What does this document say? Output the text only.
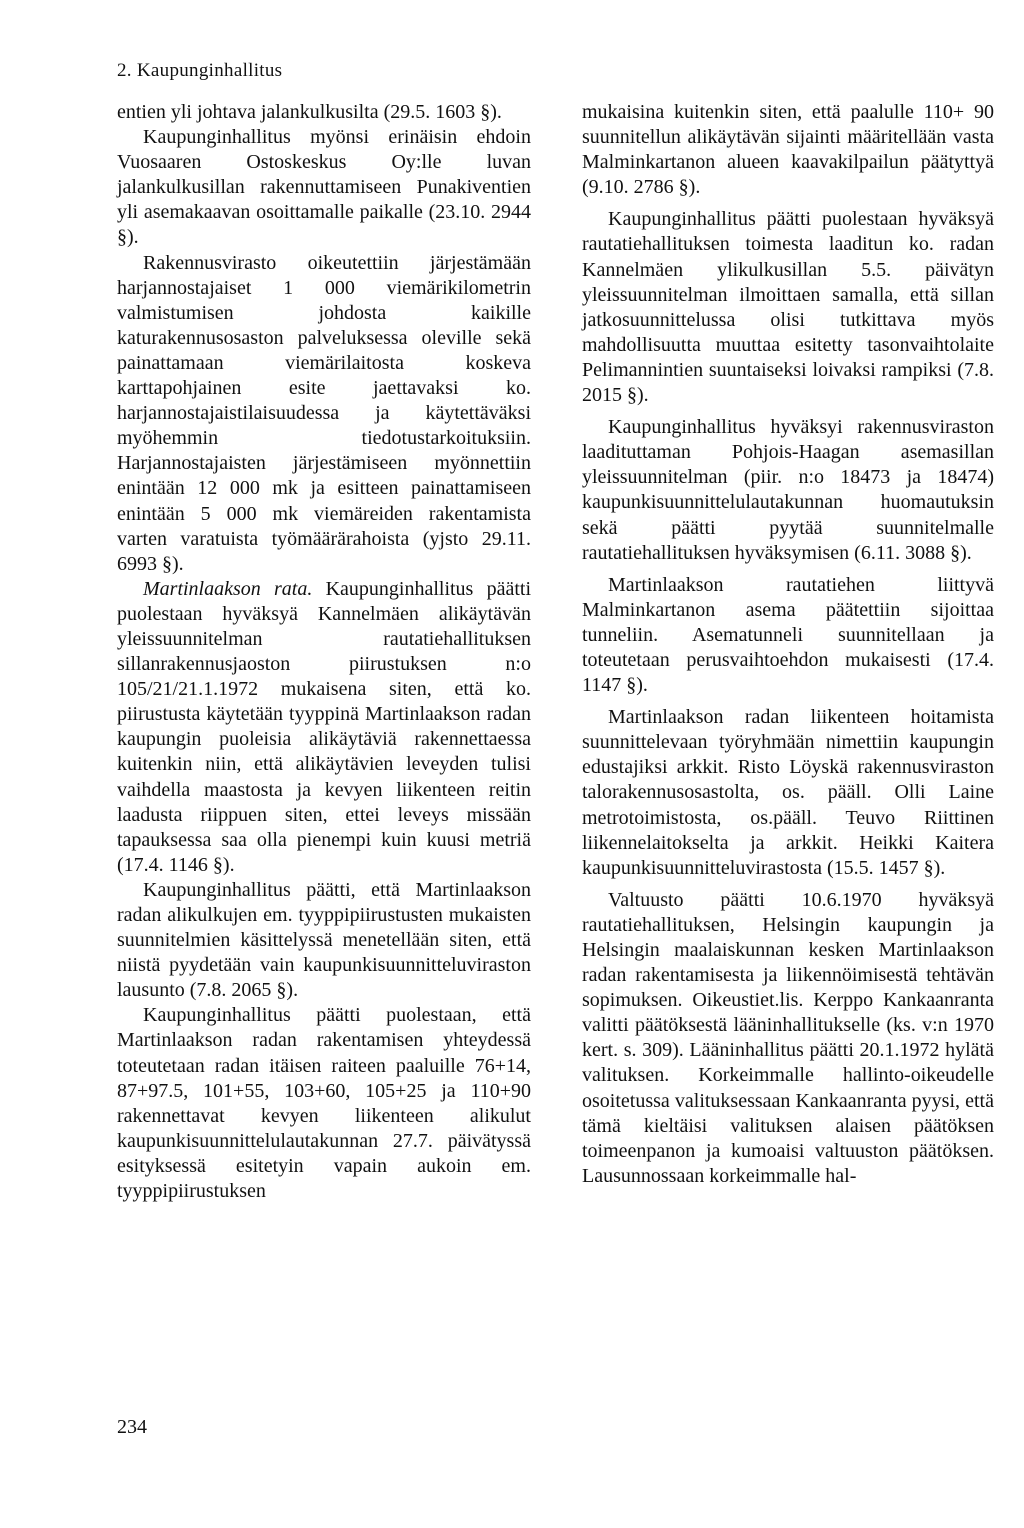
2. Kaupunginhallitus

entien yli johtava jalankulkusilta (29.5. 1603 §).

Kaupunginhallitus myönsi erinäisin ehdoin Vuosaaren Ostoskeskus Oy:lle luvan jalankulkusillan rakennuttamiseen Punakiventien yli asemakaavan osoittamalle paikalle (23.10. 2944 §).

Rakennusvirasto oikeutettiin järjestämään harjannostajaiset 1 000 viemärikilometrin valmistumisen johdosta kaikille katurakennusosaston palveluksessa oleville sekä painattamaan viemärilaitosta koskeva karttapohjainen esite jaettavaksi ko. harjannostajaistilaisuudessa ja käytettäväksi myöhemmin tiedotustarkoituksiin. Harjannostajaisten järjestämiseen myönnettiin enintään 12 000 mk ja esitteen painattamiseen enintään 5 000 mk viemäreiden rakentamista varten varatuista työmäärärahoista (yjsto 29.11. 6993 §).

Martinlaakson rata. Kaupunginhallitus päätti puolestaan hyväksyä Kannelmäen alikäytävän yleissuunnitelman rautatiehallituksen sillanrakennusjaoston piirustuksen n:o 105/21/21.1.1972 mukaisena siten, että ko. piirustusta käytetään tyyppinä Martinlaakson radan kaupungin puoleisia alikäytäviä rakennettaessa kuitenkin niin, että alikäytävien leveyden tulisi vaihdella maastosta ja kevyen liikenteen reitin laadusta riippuen siten, ettei leveys missään tapauksessa saa olla pienempi kuin kuusi metriä (17.4. 1146 §).

Kaupunginhallitus päätti, että Martinlaakson radan alikulkujen em. tyyppipiirustusten mukaisten suunnitelmien käsittelyssä menetellään siten, että niistä pyydetään vain kaupunkisuunnitteluviraston lausunto (7.8. 2065 §).

Kaupunginhallitus päätti puolestaan, että Martinlaakson radan rakentamisen yhteydessä toteutetaan radan itäisen raiteen paaluille 76+14, 87+97.5, 101+55, 103+60, 105+25 ja 110+90 rakennettavat kevyen liikenteen alikulut kaupunkisuunnittelulautakunnan 27.7. päivätyssä esityksessä esitetyin vapain aukoin em. tyyppipiirustuksen

mukaisina kuitenkin siten, että paalulle 110+ 90 suunnitellun alikäytävän sijainti määritellään vasta Malminkartanon alueen kaavakilpailun päätyttyä (9.10. 2786 §).

Kaupunginhallitus päätti puolestaan hyväksyä rautatiehallituksen toimesta laaditun ko. radan Kannelmäen ylikulkusillan 5.5. päivätyn yleissuunnitelman ilmoittaen samalla, että sillan jatkosuunnittelussa olisi tutkittava myös mahdollisuutta muuttaa esitetty tasonvaihtolaite Pelimannintien suuntaiseksi loivaksi rampiksi (7.8. 2015 §).

Kaupunginhallitus hyväksyi rakennusviraston laadituttaman Pohjois-Haagan asemasillan yleissuunnitelman (piir. n:o 18473 ja 18474) kaupunkisuunnittelulautakunnan huomautuksin sekä päätti pyytää suunnitelmalle rautatiehallituksen hyväksymisen (6.11. 3088 §).

Martinlaakson rautatiehen liittyvä Malminkartanon asema päätettiin sijoittaa tunneliin. Asematunneli suunnitellaan ja toteutetaan perusvaihtoehdon mukaisesti (17.4. 1147 §).

Martinlaakson radan liikenteen hoitamista suunnittelevaan työryhmään nimettiin kaupungin edustajiksi arkkit. Risto Löyskä rakennusviraston talorakennusosastolta, os. pääll. Olli Laine metrotoimistosta, os.pääll. Teuvo Riittinen liikennelaitokselta ja arkkit. Heikki Kaitera kaupunkisuunnitteluvirastosta (15.5. 1457 §).

Valtuusto päätti 10.6.1970 hyväksyä rautatiehallituksen, Helsingin kaupungin ja Helsingin maalaiskunnan kesken Martinlaakson radan rakentamisesta ja liikennöimisestä tehtävän sopimuksen. Oikeustiet.lis. Kerppo Kankaanranta valitti päätöksestä lääninhallitukselle (ks. v:n 1970 kert. s. 309). Lääninhallitus päätti 20.1.1972 hylätä valituksen. Korkeimmalle hallinto-oikeudelle osoitetussa valituksessaan Kankaanranta pyysi, että tämä kieltäisi valituksen alaisen päätöksen toimeenpanon ja kumoaisi valtuuston päätöksen. Lausunnossaan korkeimmalle hal-

234
